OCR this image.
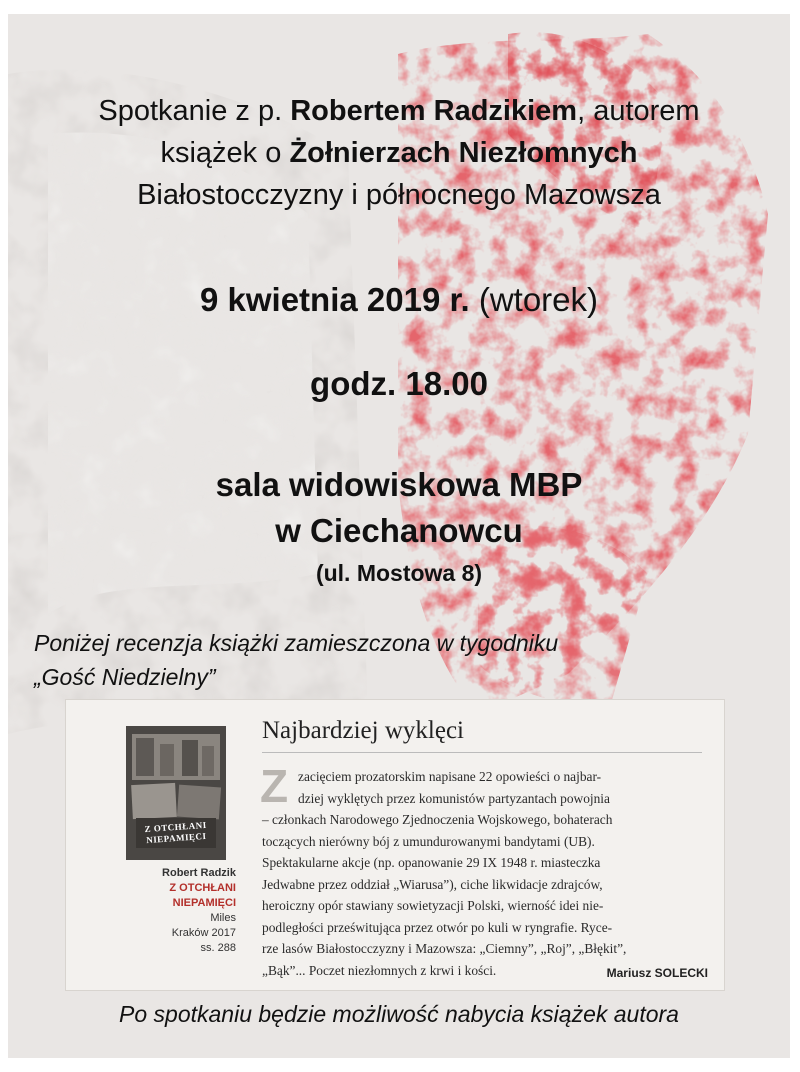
Spotkanie z p. Robertem Radzikiem, autorem
książek o Żołnierzach Niezłomnych
Białostocczyzny i północnego Mazowsza
9 kwietnia 2019 r. (wtorek)
godz. 18.00
sala widowiskowa MBP
w Ciechanowcu
(ul. Mostowa 8)
Poniżej recenzja książki zamieszczona w tygodniku
„Gość Niedzielny”
Z OTCHŁANI
NIEPAMIĘCI
Robert Radzik
Z OTCHŁANI NIEPAMIĘCI
Miles
Kraków 2017
ss. 288
Najbardziej wyklęci
Z zacięciem prozatorskim napisane 22 opowieści o najbar-
dziej wyklętych przez komunistów partyzantach powojnia
– członkach Narodowego Zjednoczenia Wojskowego, bohaterach
toczących nierówny bój z umundurowanymi bandytami (UB).
Spektakularne akcje (np. opanowanie 29 IX 1948 r. miasteczka
Jedwabne przez oddział „Wiarusa”), ciche likwidacje zdrajców,
heroiczny opór stawiany sowietyzacji Polski, wierność idei nie-
podległości prześwitująca przez otwór po kuli w ryngrafie. Ryce-
rze lasów Białostocczyzny i Mazowsza: „Ciemny”, „Roj”, „Błękit”,
„Bąk”... Poczet niezłomnych z krwi i kości.	Mariusz SOLECKI
Po spotkaniu będzie możliwość nabycia książek autora
